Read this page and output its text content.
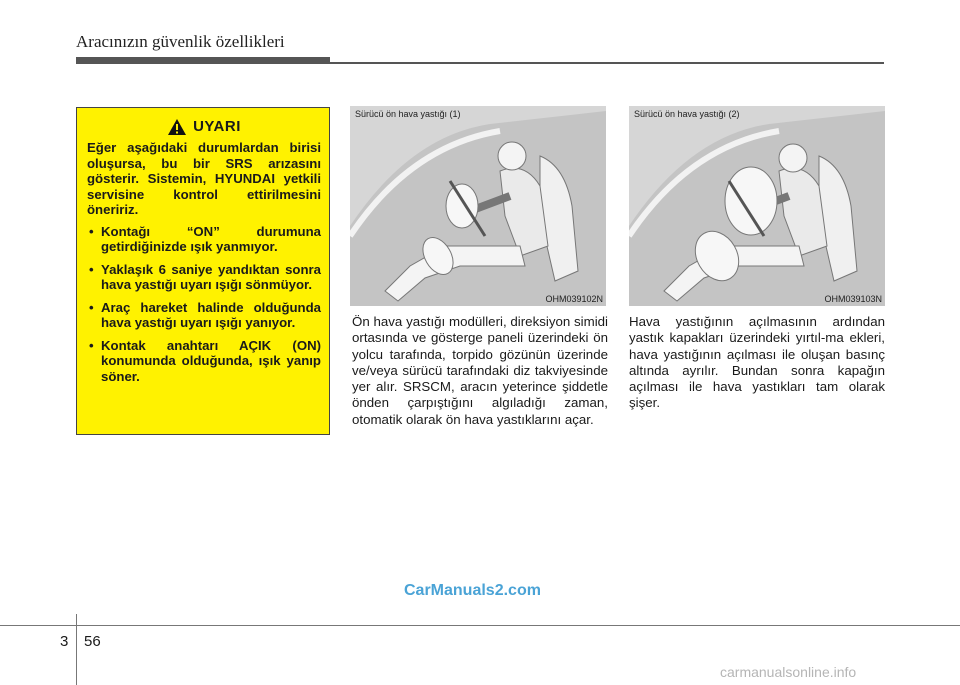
Aracınızın güvenlik özellikleri
UYARI
Eğer aşağıdaki durumlardan birisi oluşursa, bu bir SRS arızasını gösterir. Sistemin, HYUNDAI yetkili servisine kontrol ettirilmesini öneririz.
• Kontağı “ON” durumuna getirdiğinizde ışık yanmıyor.
• Yaklaşık 6 saniye yandıktan sonra hava yastığı uyarı ışığı sönmüyor.
• Araç hareket halinde olduğunda hava yastığı uyarı ışığı yanıyor.
• Kontak anahtarı AÇIK (ON) konumunda olduğunda, ışık yanıp söner.
Sürücü ön hava yastığı (1)
OHM039102N
Sürücü ön hava yastığı (2)
OHM039103N
Ön hava yastığı modülleri, direksiyon simidi ortasında ve gösterge paneli üzerindeki ön yolcu tarafında, torpido gözünün üzerinde ve/veya sürücü tarafındaki diz takviyesinde yer alır. SRSCM, aracın yeterince şiddetle önden çarpıştığını algıladığı zaman, otomatik olarak ön hava yastıklarını açar.
Hava yastığının açılmasının ardından yastık kapakları üzerindeki yırtıl-ma ekleri, hava yastığının açılması ile oluşan basınç altında ayrılır. Bundan sonra kapağın açılması ile hava yastıkları tam olarak şişer.
CarManuals2.com
3 56
carmanualsonline.info
